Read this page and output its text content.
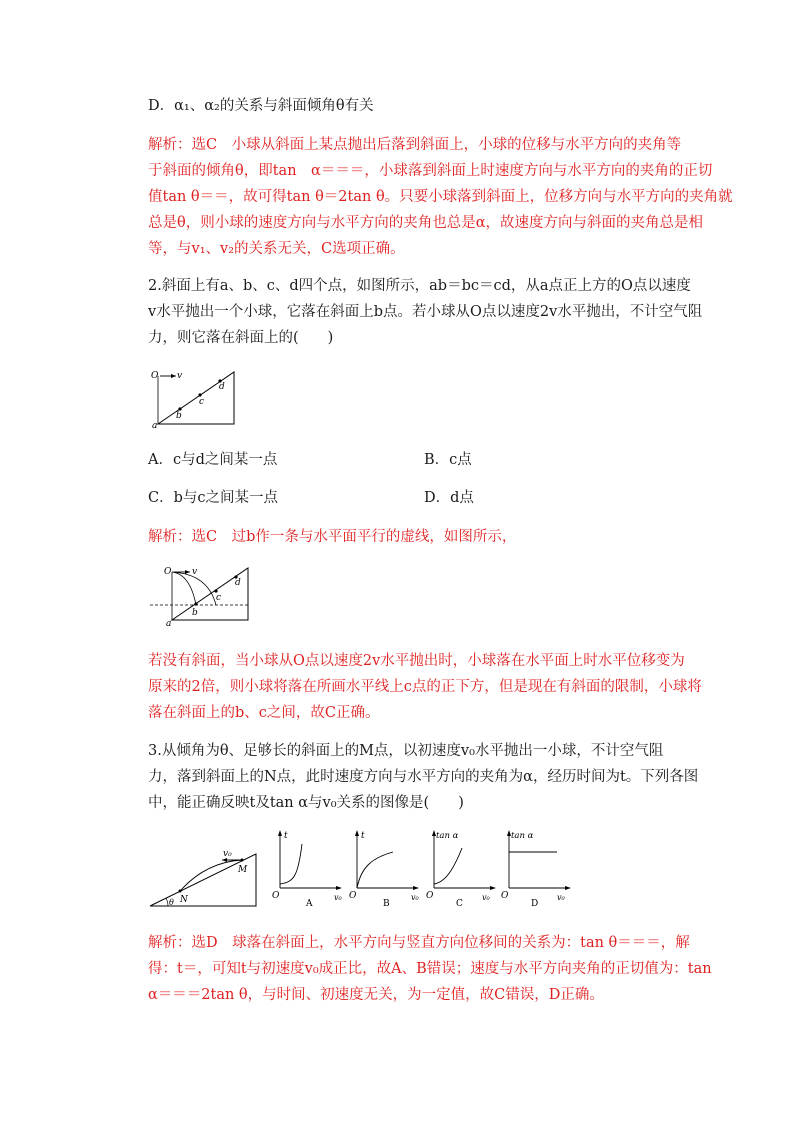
D．α₁、α₂的关系与斜面倾角θ有关
解析：选C　小球从斜面上某点抛出后落到斜面上，小球的位移与水平方向的夹角等
于斜面的倾角θ，即tan　α＝＝＝，小球落到斜面上时速度方向与水平方向的夹角的正切
值tan θ＝＝，故可得tan θ＝2tan θ。只要小球落到斜面上，位移方向与水平方向的夹角就
总是θ，则小球的速度方向与水平方向的夹角也总是α，故速度方向与斜面的夹角总是相
等，与v₁、v₂的关系无关，C选项正确。
2.斜面上有a、b、c、d四个点，如图所示，ab＝bc＝cd，从a点正上方的O点以速度
v水平抛出一个小球，它落在斜面上b点。若小球从O点以速度2v水平抛出，不计空气阻
力，则它落在斜面上的(　　)
O v
a
b
c
d
A．c与d之间某一点	B．c点
C．b与c之间某一点	D．d点
解析：选C　过b作一条与水平面平行的虚线，如图所示，
O v
a
b
c
d
若没有斜面，当小球从O点以速度2v水平抛出时，小球落在水平面上时水平位移变为
原来的2倍，则小球将落在所画水平线上c点的正下方，但是现在有斜面的限制，小球将
落在斜面上的b、c之间，故C正确。
3.从倾角为θ、足够长的斜面上的M点，以初速度v₀水平抛出一小球，不计空气阻
力，落到斜面上的N点，此时速度方向与水平方向的夹角为α，经历时间为t。下列各图
中，能正确反映t及tan α与v₀关系的图像是(　　)
v₀
M
N
θ
t
v₀
O
A
t
v₀
O
B
tan α
v₀
O
C
tan α
v₀
O
D
解析：选D　球落在斜面上，水平方向与竖直方向位移间的关系为：tan θ＝＝＝，解
得：t＝，可知t与初速度v₀成正比，故A、B错误；速度与水平方向夹角的正切值为：tan
α＝＝＝2tan θ，与时间、初速度无关，为一定值，故C错误，D正确。
